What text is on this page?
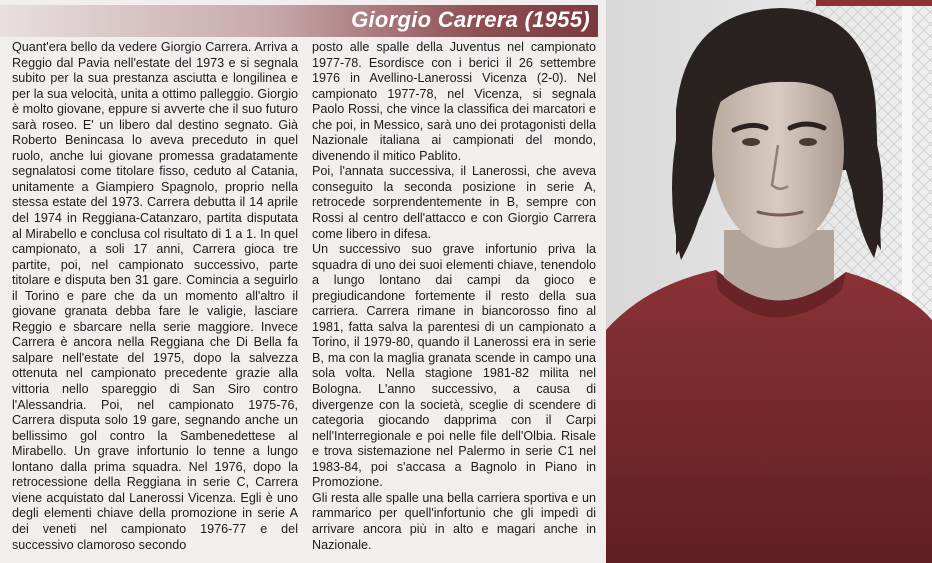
Giorgio Carrera (1955)

Quant'era bello da vedere Giorgio Carrera. Arriva a Reggio dal Pavia nell'estate del 1973 e si segnala subito per la sua prestanza asciutta e longilinea e per la sua velocità, unita a ottimo palleggio. Giorgio è molto giovane, eppure si avverte che il suo futuro sarà roseo. E' un libero dal destino segnato. Già Roberto Benincasa lo aveva preceduto in quel ruolo, anche lui giovane promessa gradatamente segnalatosi come titolare fisso, ceduto al Catania, unitamente a Giampiero Spagnolo, proprio nella stessa estate del 1973. Carrera debutta il 14 aprile del 1974 in Reggiana-Catanzaro, partita disputata al Mirabello e conclusa col risultato di 1 a 1. In quel campionato, a soli 17 anni, Carrera gioca tre partite, poi, nel campionato successivo, parte titolare e disputa ben 31 gare. Comincia a seguirlo il Torino e pare che da un momento all'altro il giovane granata debba fare le valigie, lasciare Reggio e sbarcare nella serie maggiore. Invece Carrera è ancora nella Reggiana che Di Bella fa salpare nell'estate del 1975, dopo la salvezza ottenuta nel campionato precedente grazie alla vittoria nello spareggio di San Siro contro l'Alessandria. Poi, nel campionato 1975-76, Carrera disputa solo 19 gare, segnando anche un bellissimo gol contro la Sambenedettese al Mirabello. Un grave infortunio lo tenne a lungo lontano dalla prima squadra. Nel 1976, dopo la retrocessione della Reggiana in serie C, Carrera viene acquistato dal Lanerossi Vicenza. Egli è uno degli elementi chiave della promozione in serie A dei veneti nel campionato 1976-77 e del successivo clamoroso secondo

posto alle spalle della Juventus nel campionato 1977-78. Esordisce con i berici il 26 settembre 1976 in Avellino-Lanerossi Vicenza (2-0). Nel campionato 1977-78, nel Vicenza, si segnala Paolo Rossi, che vince la classifica dei marcatori e che poi, in Messico, sarà uno dei protagonisti della Nazionale italiana ai campionati del mondo, divenendo il mitico Pablito.

Poi, l'annata successiva, il Lanerossi, che aveva conseguito la seconda posizione in serie A, retrocede sorprendentemente in B, sempre con Rossi al centro dell'attacco e con Giorgio Carrera come libero in difesa.

Un successivo suo grave infortunio priva la squadra di uno dei suoi elementi chiave, tenendolo a lungo lontano dai campi da gioco e pregiudicandone fortemente il resto della sua carriera. Carrera rimane in biancorosso fino al 1981, fatta salva la parentesi di un campionato a Torino, il 1979-80, quando il Lanerossi era in serie B, ma con la maglia granata scende in campo una sola volta. Nella stagione 1981-82 milita nel Bologna. L'anno successivo, a causa di divergenze con la società, sceglie di scendere di categoria giocando dapprima con il Carpi nell'Interregionale e poi nelle file dell'Olbia. Risale e trova sistemazione nel Palermo in serie C1 nel 1983-84, poi s'accasa a Bagnolo in Piano in Promozione.

Gli resta alle spalle una bella carriera sportiva e un rammarico per quell'infortunio che gli impedì di arrivare ancora più in alto e magari anche in Nazionale.
